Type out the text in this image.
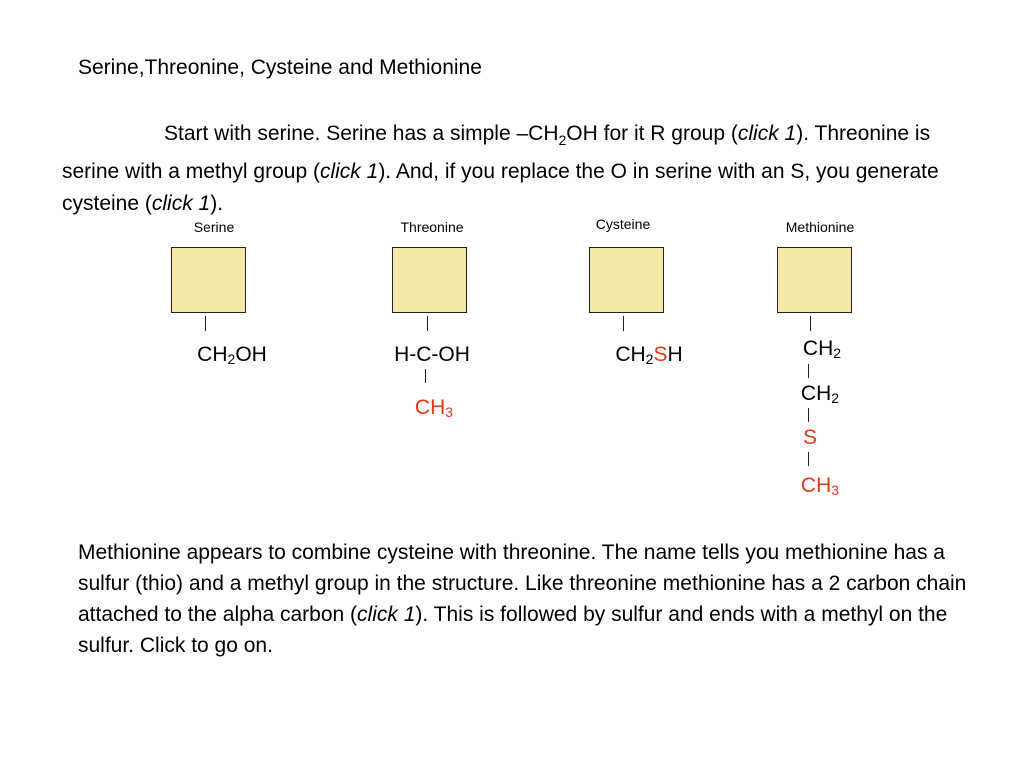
Serine,Threonine, Cysteine and Methionine
Start with serine. Serine has a simple $-CH_2OH$ for it R group (click 1). Threonine is serine with a methyl group (click 1). And, if you replace the O in serine with an S, you generate cysteine (click 1).
Serine
$CH_2OH$
Threonine
H-C-OH
$CH_3$
Cysteine
$CH_2SH$
Methionine
$CH_2$
$CH_2$
S
$CH_3$
Methionine appears to combine cysteine with threonine. The name tells you methionine has a sulfur (thio) and a methyl group in the structure. Like threonine methionine has a 2 carbon chain attached to the alpha carbon (click 1). This is followed by sulfur and ends with a methyl on the sulfur. Click to go on.
